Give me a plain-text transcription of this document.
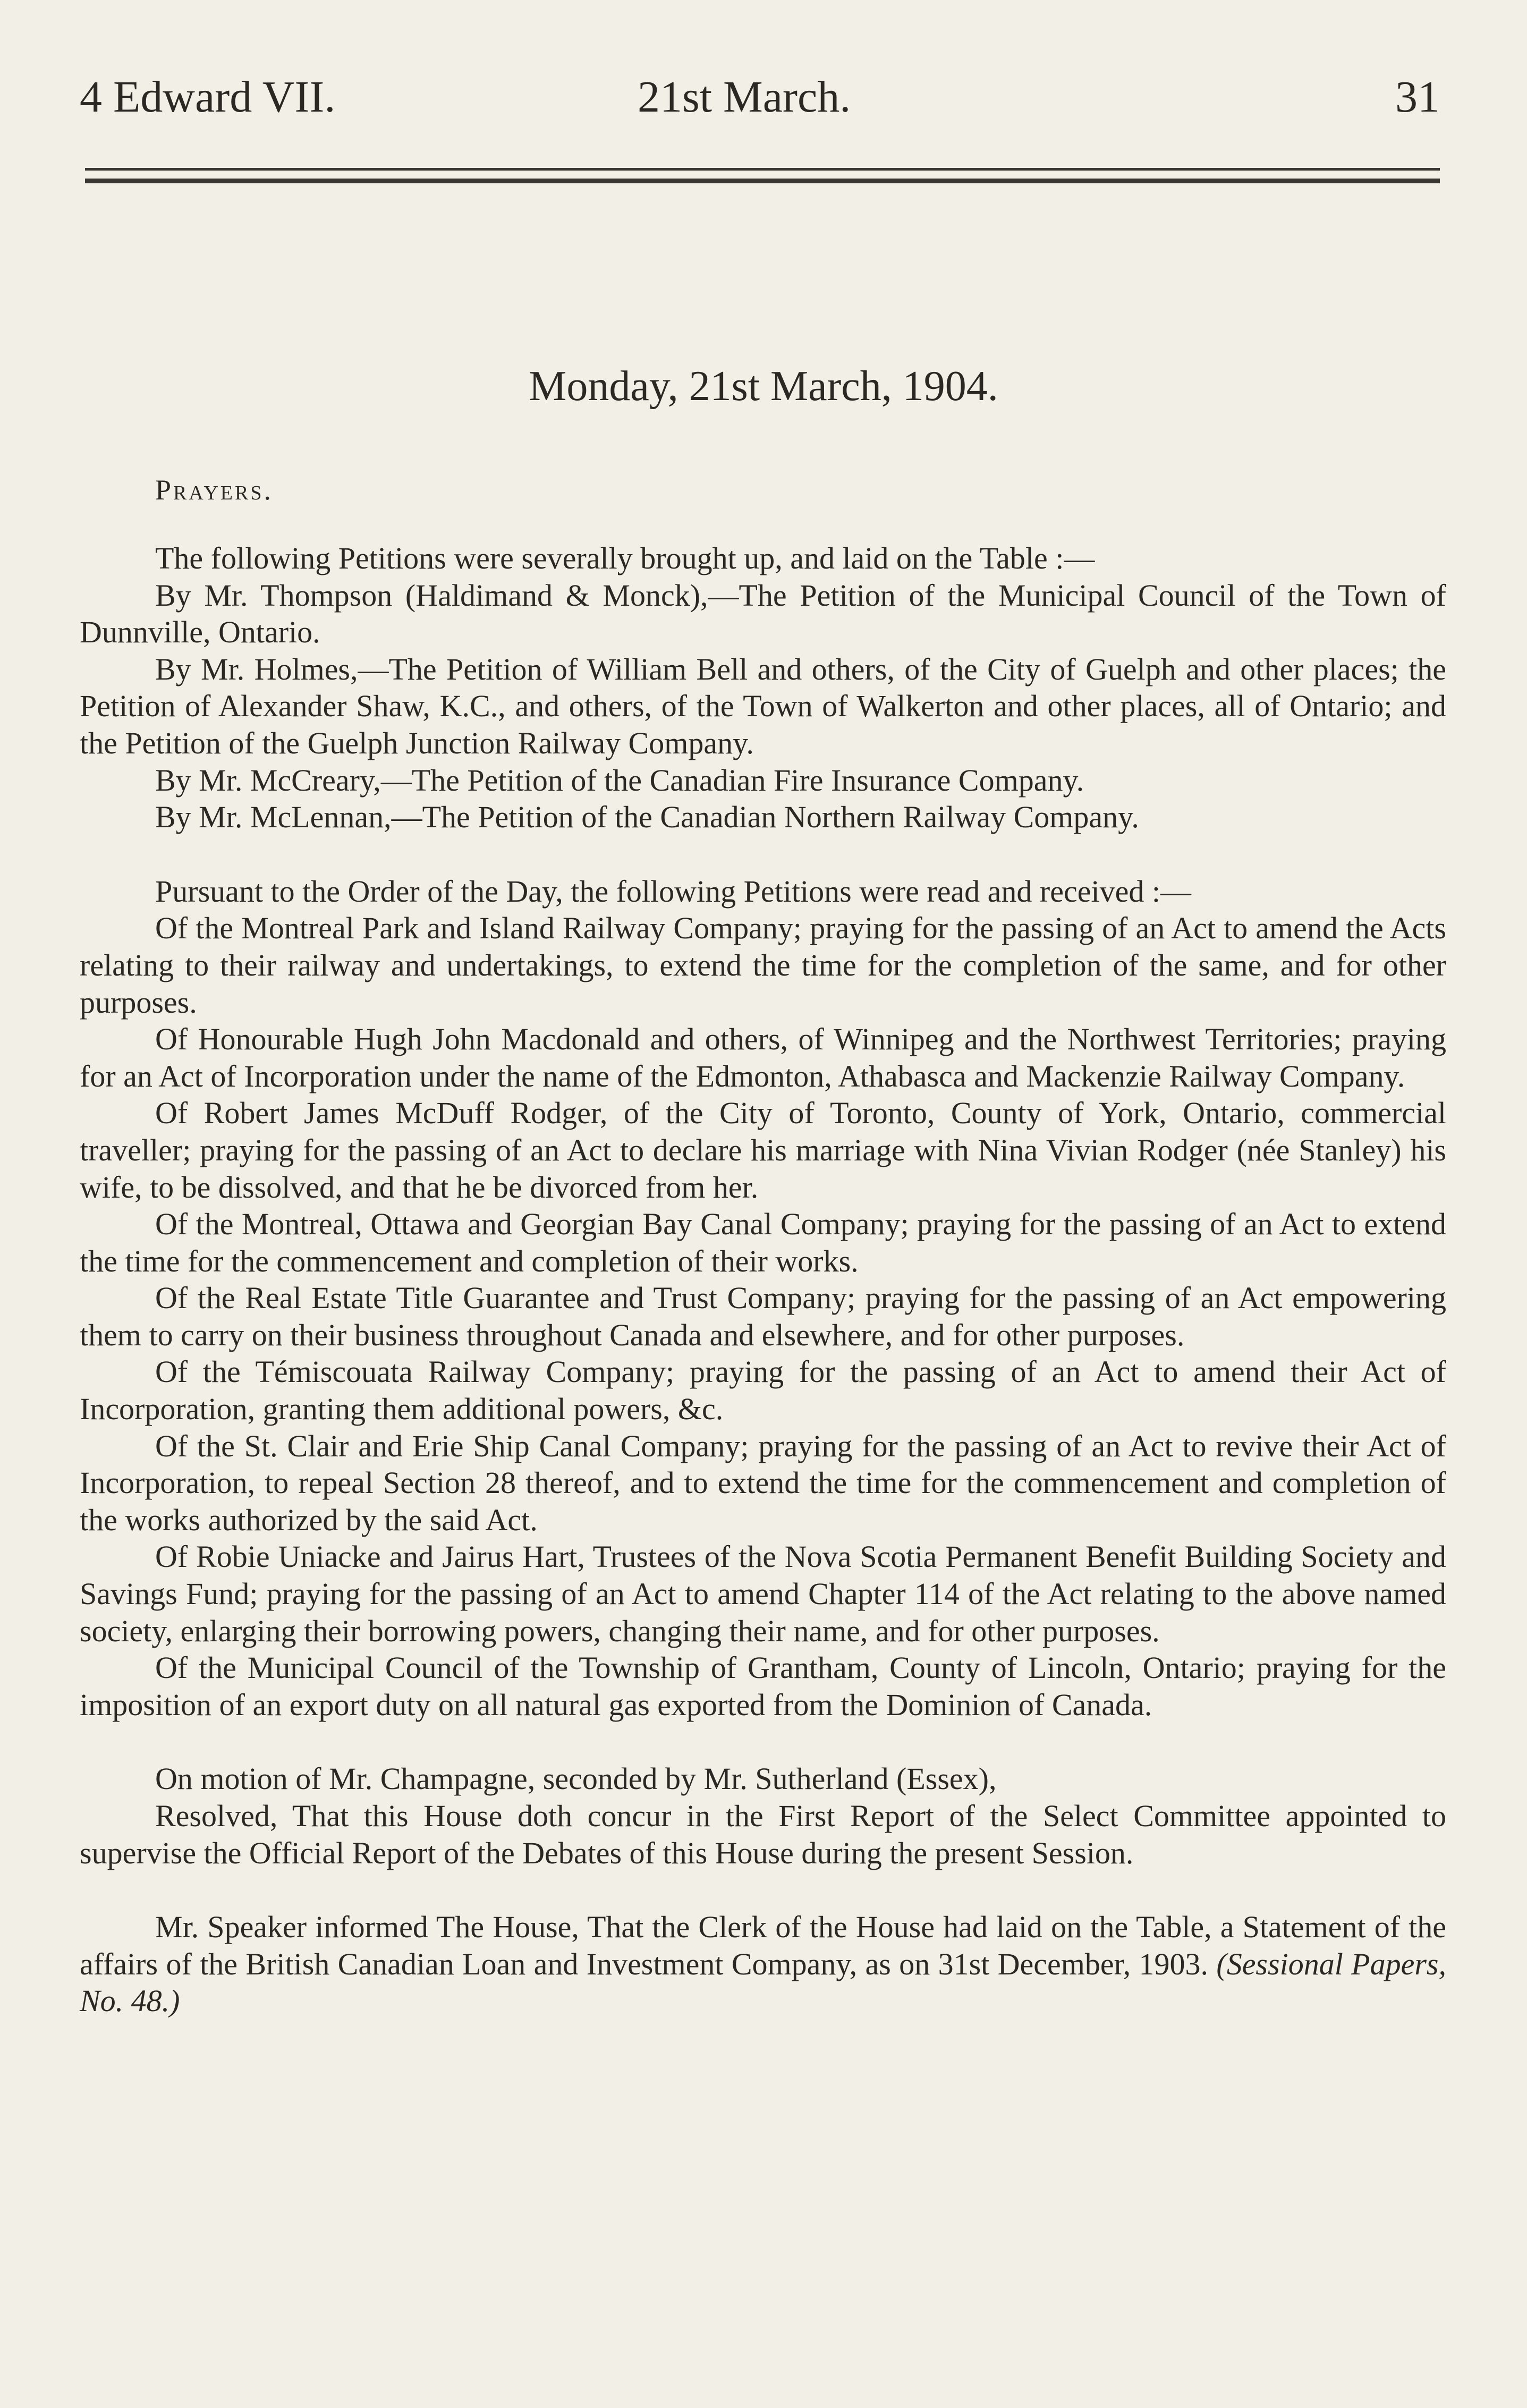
4 Edward VII.	21st March.	31
Monday, 21st March, 1904.
Prayers.

The following Petitions were severally brought up, and laid on the Table :—

By Mr. Thompson (Haldimand & Monck),—The Petition of the Municipal Council of the Town of Dunnville, Ontario.

By Mr. Holmes,—The Petition of William Bell and others, of the City of Guelph and other places; the Petition of Alexander Shaw, K.C., and others, of the Town of Walkerton and other places, all of Ontario; and the Petition of the Guelph Junction Railway Company.

By Mr. McCreary,—The Petition of the Canadian Fire Insurance Company.

By Mr. McLennan,—The Petition of the Canadian Northern Railway Company.

Pursuant to the Order of the Day, the following Petitions were read and received :—

Of the Montreal Park and Island Railway Company; praying for the passing of an Act to amend the Acts relating to their railway and undertakings, to extend the time for the completion of the same, and for other purposes.

Of Honourable Hugh John Macdonald and others, of Winnipeg and the Northwest Territories; praying for an Act of Incorporation under the name of the Edmonton, Athabasca and Mackenzie Railway Company.

Of Robert James McDuff Rodger, of the City of Toronto, County of York, Ontario, commercial traveller; praying for the passing of an Act to declare his marriage with Nina Vivian Rodger (née Stanley) his wife, to be dissolved, and that he be divorced from her.

Of the Montreal, Ottawa and Georgian Bay Canal Company; praying for the passing of an Act to extend the time for the commencement and completion of their works.

Of the Real Estate Title Guarantee and Trust Company; praying for the passing of an Act empowering them to carry on their business throughout Canada and elsewhere, and for other purposes.

Of the Témiscouata Railway Company; praying for the passing of an Act to amend their Act of Incorporation, granting them additional powers, &c.

Of the St. Clair and Erie Ship Canal Company; praying for the passing of an Act to revive their Act of Incorporation, to repeal Section 28 thereof, and to extend the time for the commencement and completion of the works authorized by the said Act.

Of Robie Uniacke and Jairus Hart, Trustees of the Nova Scotia Permanent Benefit Building Society and Savings Fund; praying for the passing of an Act to amend Chapter 114 of the Act relating to the above named society, enlarging their borrowing powers, changing their name, and for other purposes.

Of the Municipal Council of the Township of Grantham, County of Lincoln, Ontario; praying for the imposition of an export duty on all natural gas exported from the Dominion of Canada.

On motion of Mr. Champagne, seconded by Mr. Sutherland (Essex),

Resolved, That this House doth concur in the First Report of the Select Committee appointed to supervise the Official Report of the Debates of this House during the present Session.

Mr. Speaker informed The House, That the Clerk of the House had laid on the Table, a Statement of the affairs of the British Canadian Loan and Investment Company, as on 31st December, 1903. (Sessional Papers, No. 48.)
